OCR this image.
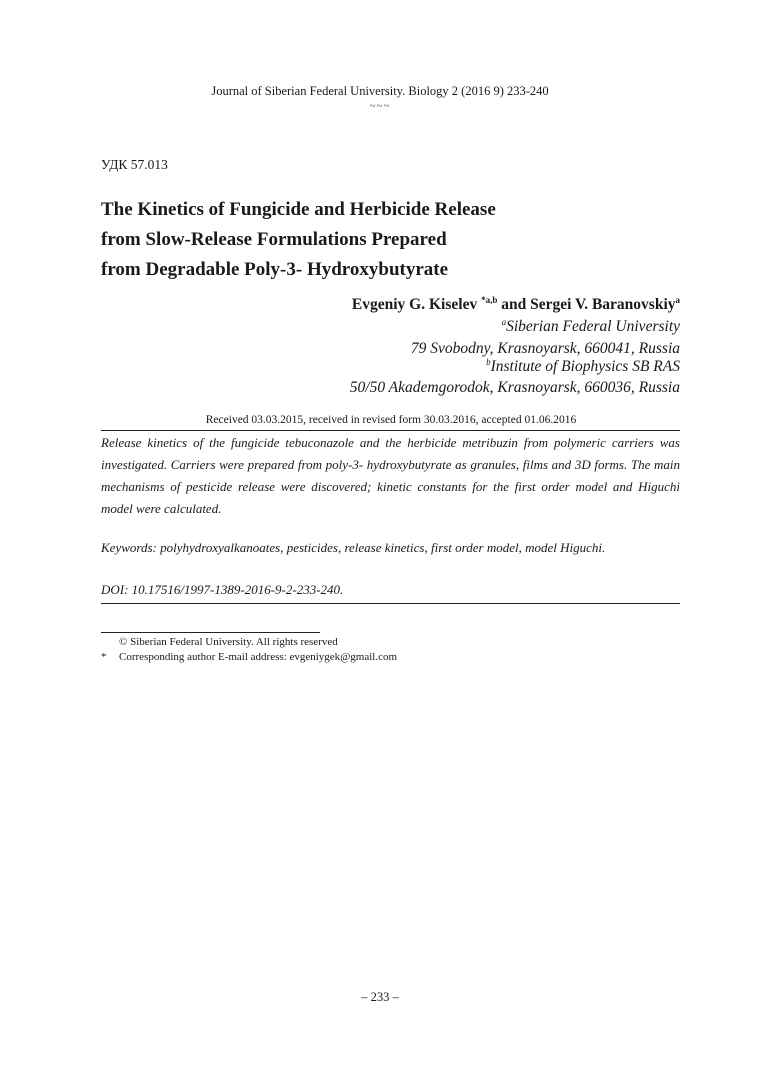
Journal of Siberian Federal University. Biology 2 (2016 9) 233-240
~~~
УДК 57.013
The Kinetics of Fungicide and Herbicide Release
from Slow-Release Formulations Prepared
from Degradable Poly-3- Hydroxybutyrate
Evgeniy G. Kiselev $^{*a,b}$ and Sergei V. Baranovskiy$^a$
$^a$Siberian Federal University
79 Svobodny, Krasnoyarsk, 660041, Russia
$^b$Institute of Biophysics SB RAS
50/50 Akademgorodok, Krasnoyarsk, 660036, Russia
Received 03.03.2015, received in revised form 30.03.2016, accepted 01.06.2016
Release kinetics of the fungicide tebuconazole and the herbicide metribuzin from polymeric carriers was investigated. Carriers were prepared from poly-3- hydroxybutyrate as granules, films and 3D forms. The main mechanisms of pesticide release were discovered; kinetic constants for the first order model and Higuchi model were calculated.
Keywords: polyhydroxyalkanoates, pesticides, release kinetics, first order model, model Higuchi.
DOI: 10.17516/1997-1389-2016-9-2-233-240.
© Siberian Federal University. All rights reserved
* Corresponding author E-mail address: evgeniygek@gmail.com
– 233 –
